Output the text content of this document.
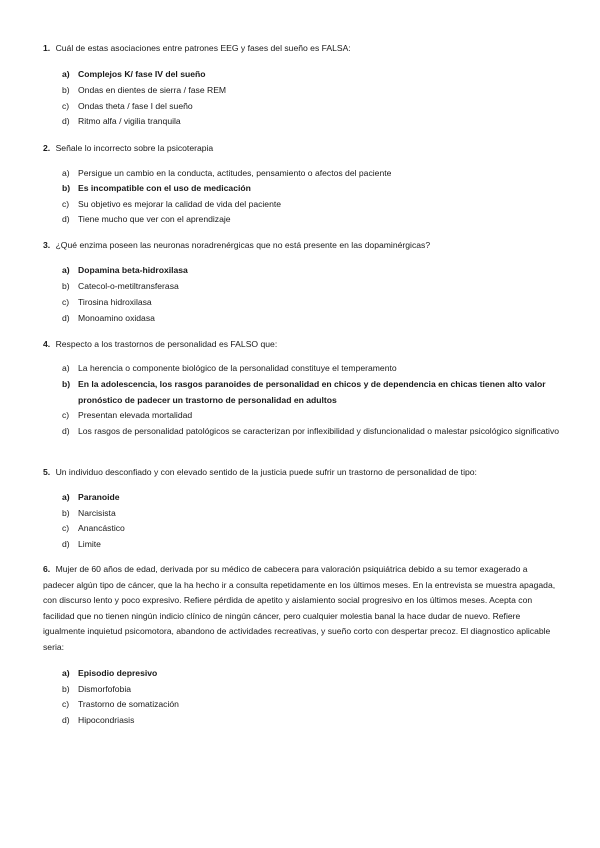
1. Cuál de estas asociaciones entre patrones EEG y fases del sueño es FALSA:
a) Complejos K/ fase IV del sueño
b) Ondas en dientes de sierra / fase REM
c)	Ondas theta / fase I del sueño
d) Ritmo alfa / vigilia tranquila
2. Señale lo incorrecto sobre la psicoterapia
a) Persigue un cambio en la conducta, actitudes, pensamiento o afectos del paciente
b) Es incompatible con el uso de medicación
c)	Su objetivo es mejorar la calidad de vida del paciente
d) Tiene mucho que ver con el aprendizaje
3. ¿Qué enzima poseen las neuronas noradrenérgicas que no está presente en las dopaminérgicas?
a) Dopamina beta-hidroxilasa
b) Catecol-o-metiltransferasa
c)	Tirosina hidroxilasa
d) Monoamino oxidasa
4. Respecto a los trastornos de personalidad es FALSO que:
a) La herencia o componente biológico de la personalidad constituye el temperamento
b) En la adolescencia, los rasgos paranoides de personalidad en chicos y de dependencia en chicas tienen alto valor pronóstico de padecer un trastorno de personalidad en adultos
c)	Presentan elevada mortalidad
d) Los rasgos de personalidad patológicos se caracterizan por inflexibilidad y disfuncionalidad o malestar psicológico significativo
5. Un individuo desconfiado y con elevado sentido de la justicia puede sufrir un trastorno de personalidad de tipo:
a) Paranoide
b) Narcisista
c)	Anancástico
d) Limite
6. Mujer de 60 años de edad, derivada por su médico de cabecera para valoración psiquiátrica debido a su temor exagerado a padecer algún tipo de cáncer, que la ha hecho ir a consulta repetidamente en los últimos meses. En la entrevista se muestra apagada, con discurso lento y poco expresivo. Refiere pérdida de apetito y aislamiento social progresivo en los últimos meses. Acepta con facilidad que no tienen ningún indicio clínico de ningún cáncer, pero cualquier molestia banal la hace dudar de nuevo. Refiere igualmente inquietud psicomotora, abandono de actividades recreativas, y sueño corto con despertar precoz. El diagnostico aplicable seria:
a) Episodio depresivo
b) Dismorfofobia
c)	Trastorno de somatización
d) Hipocondriasis
